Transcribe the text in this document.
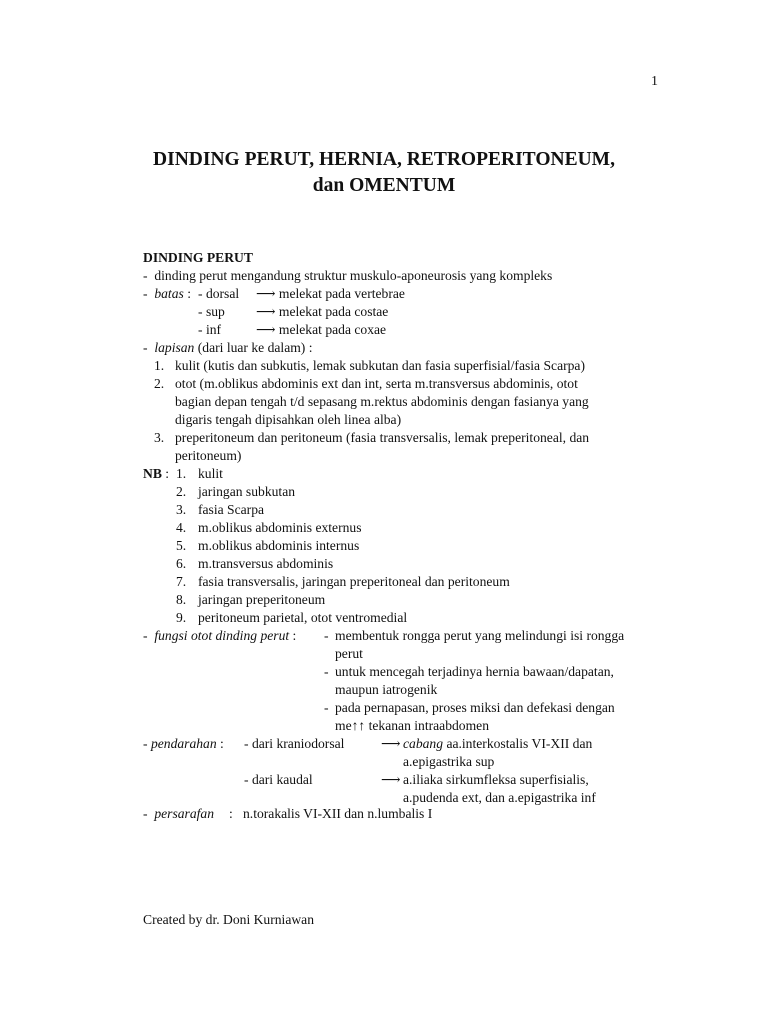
1
DINDING PERUT, HERNIA, RETROPERITONEUM,
dan OMENTUM
DINDING PERUT
-  dinding perut mengandung struktur muskulo-aponeurosis yang kompleks
-  batas : - dorsal ⟶ melekat pada vertebrae
- sup ⟶ melekat pada costae
- inf	⟶ melekat pada coxae
-  lapisan (dari luar ke dalam) :
1. kulit (kutis dan subkutis, lemak subkutan dan fasia superfisial/fasia Scarpa)
2. otot (m.oblikus abdominis ext dan int, serta m.transversus abdominis, otot
bagian depan tengah t/d sepasang m.rektus abdominis dengan fasianya yang
digaris tengah dipisahkan oleh linea alba)
3. preperitoneum dan peritoneum (fasia transversalis, lemak preperitoneal, dan
peritoneum)
NB : 1. kulit
2. jaringan subkutan
3. fasia Scarpa
4. m.oblikus abdominis externus
5. m.oblikus abdominis internus
6. m.transversus abdominis
7. fasia transversalis, jaringan preperitoneal dan peritoneum
8. jaringan preperitoneum
9. peritoneum parietal, otot ventromedial
-  fungsi otot dinding perut : - membentuk rongga perut yang melindungi isi rongga
perut
- untuk mencegah terjadinya hernia bawaan/dapatan,
maupun iatrogenik
- pada pernapasan, proses miksi dan defekasi dengan
me↑↑ tekanan intraabdomen
- pendarahan : - dari kraniodorsal	⟶ cabang aa.interkostalis VI-XII dan
a.epigastrika sup
- dari kaudal	⟶ a.iliaka sirkumfleksa superfisialis,
a.pudenda ext, dan a.epigastrika inf
-  persarafan : n.torakalis VI-XII dan n.lumbalis I
Created by dr. Doni Kurniawan
